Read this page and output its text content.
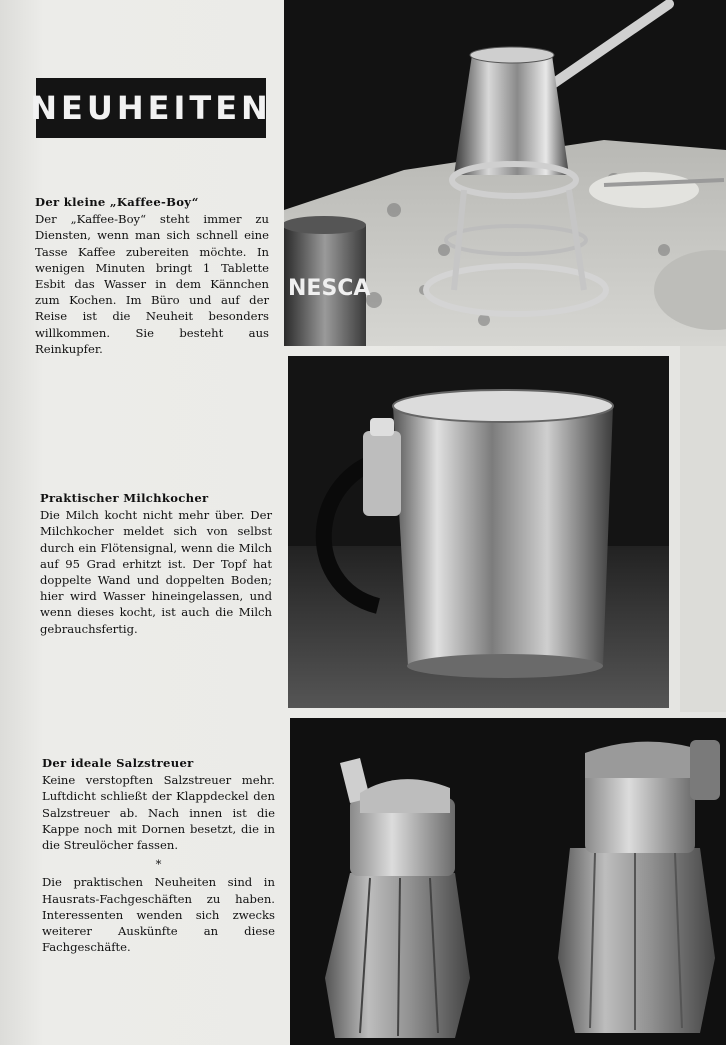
NEUHEITEN
Der kleine „Kaffee-Boy“

Der „Kaffee-Boy“ steht immer zu Diensten, wenn man sich schnell eine Tasse Kaffee zubereiten möchte. In wenigen Minuten bringt 1 Tablette Esbit das Wasser in dem Kännchen zum Kochen. Im Büro und auf der Reise ist die Neuheit besonders willkommen. Sie besteht aus Reinkupfer.

Praktischer Milchkocher

Die Milch kocht nicht mehr über. Der Milchkocher meldet sich von selbst durch ein Flötensignal, wenn die Milch auf 95 Grad erhitzt ist. Der Topf hat doppelte Wand und doppelten Boden; hier wird Wasser hineingelassen, und wenn dieses kocht, ist auch die Milch gebrauchsfertig.

Der ideale Salzstreuer

Keine verstopften Salzstreuer mehr. Luftdicht schließt der Klappdeckel den Salzstreuer ab. Nach innen ist die Kappe noch mit Dornen besetzt, die in die Streulöcher fassen.

*

Die praktischen Neuheiten sind in Hausrats-Fachgeschäften zu haben. Interessenten wenden sich zwecks weiterer Auskünfte an diese Fachgeschäfte.

NESCA
